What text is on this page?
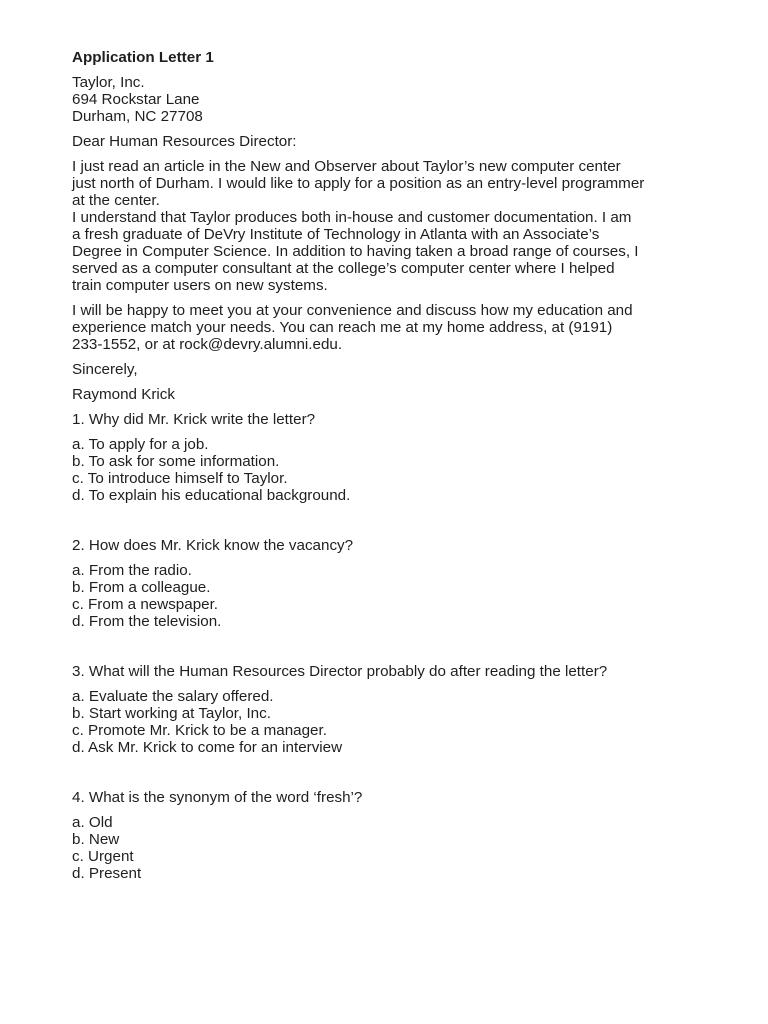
Application Letter 1
Taylor, Inc.
694 Rockstar Lane
Durham, NC 27708
Dear Human Resources Director:
I just read an article in the New and Observer about Taylor’s new computer center
just north of Durham. I would like to apply for a position as an entry-level programmer
at the center.
I understand that Taylor produces both in-house and customer documentation. I am
a fresh graduate of DeVry Institute of Technology in Atlanta with an Associate’s
Degree in Computer Science. In addition to having taken a broad range of courses, I
served as a computer consultant at the college’s computer center where I helped
train computer users on new systems.
I will be happy to meet you at your convenience and discuss how my education and
experience match your needs. You can reach me at my home address, at (9191)
233-1552, or at rock@devry.alumni.edu.
Sincerely,
Raymond Krick
1. Why did Mr. Krick write the letter?
a. To apply for a job.
b. To ask for some information.
c. To introduce himself to Taylor.
d. To explain his educational background.
2. How does Mr. Krick know the vacancy?
a. From the radio.
b. From a colleague.
c. From a newspaper.
d. From the television.
3. What will the Human Resources Director probably do after reading the letter?
a. Evaluate the salary offered.
b. Start working at Taylor, Inc.
c. Promote Mr. Krick to be a manager.
d. Ask Mr. Krick to come for an interview
4. What is the synonym of the word ‘fresh’?
a. Old
b. New
c. Urgent
d. Present
